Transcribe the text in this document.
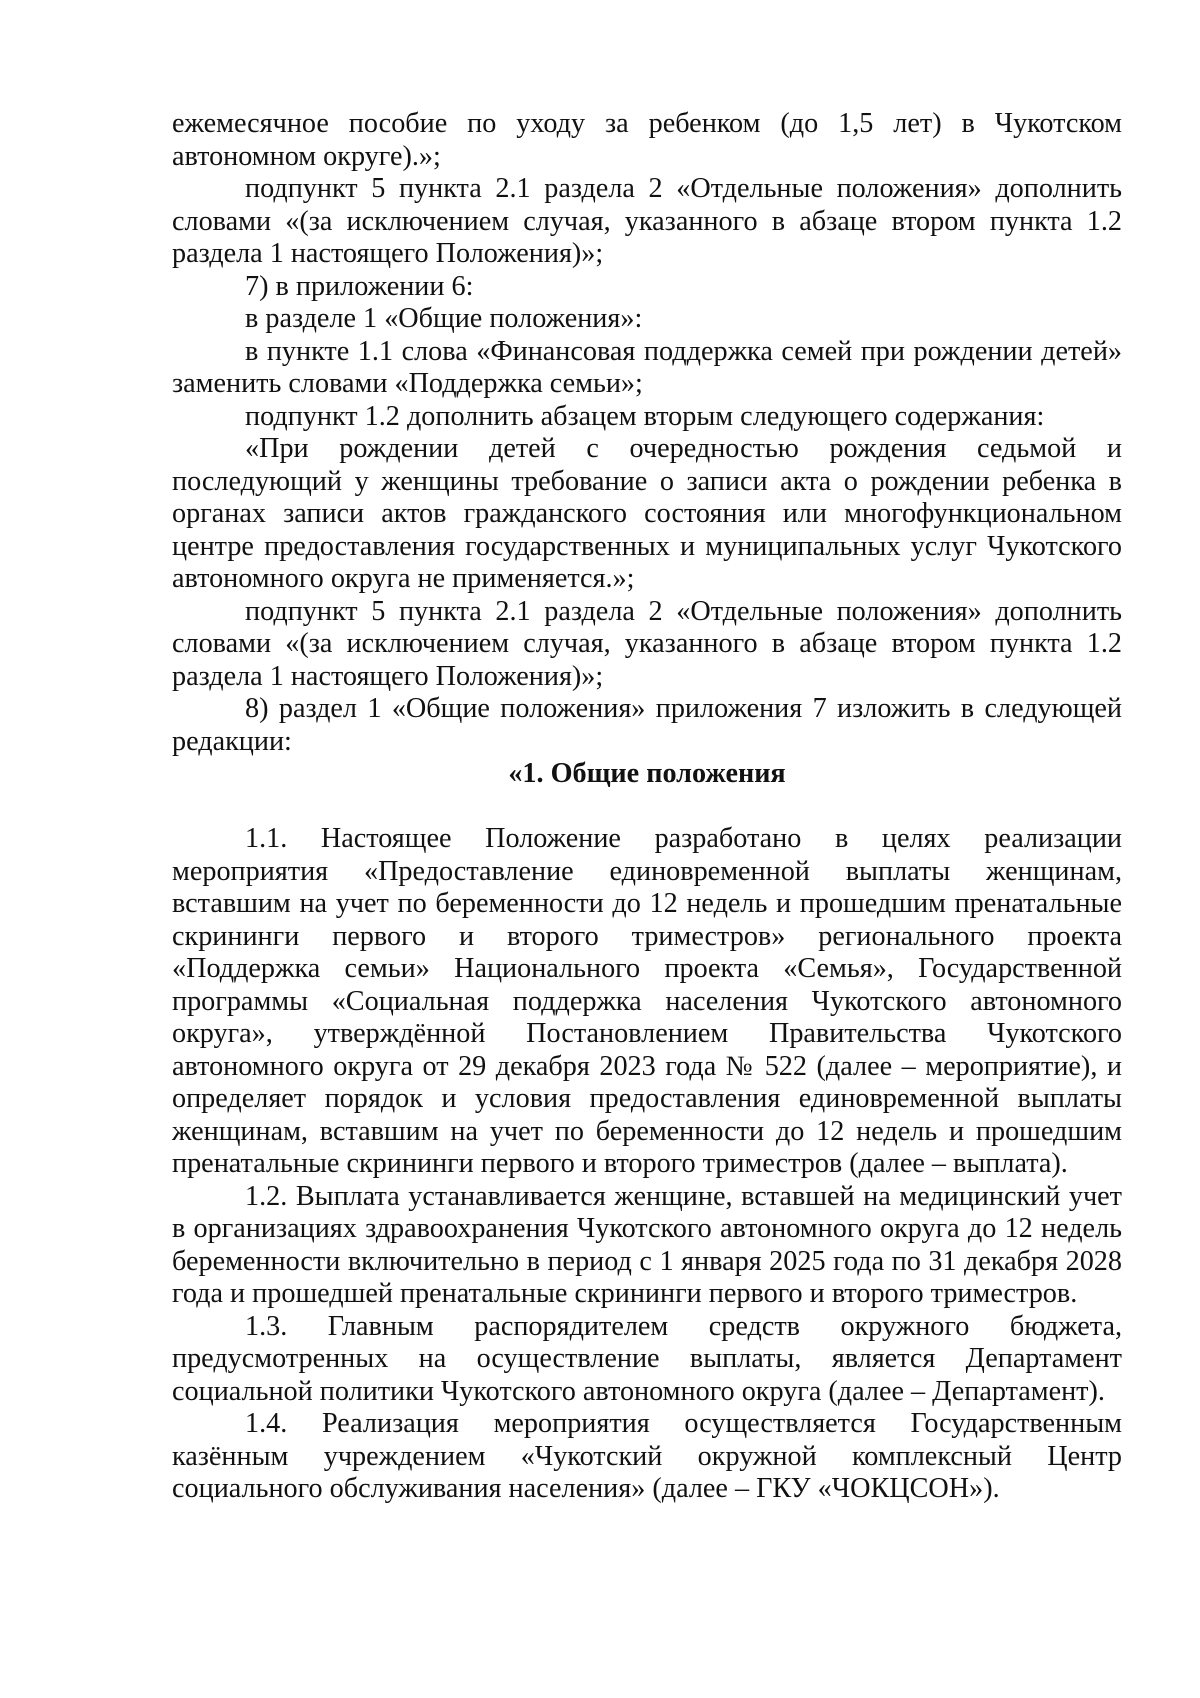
ежемесячное пособие по уходу за ребенком (до 1,5 лет) в Чукотском автономном округе).»;

подпункт 5 пункта 2.1 раздела 2 «Отдельные положения» дополнить словами «(за исключением случая, указанного в абзаце втором пункта 1.2 раздела 1 настоящего Положения)»;

7) в приложении 6:

в разделе 1 «Общие положения»:

в пункте 1.1 слова «Финансовая поддержка семей при рождении детей» заменить словами «Поддержка семьи»;

подпункт 1.2 дополнить абзацем вторым следующего содержания:

«При рождении детей с очередностью рождения седьмой и последующий у женщины требование о записи акта о рождении ребенка в органах записи актов гражданского состояния или многофункциональном центре предоставления государственных и муниципальных услуг Чукотского автономного округа не применяется.»;

подпункт 5 пункта 2.1 раздела 2 «Отдельные положения» дополнить словами «(за исключением случая, указанного в абзаце втором пункта 1.2 раздела 1 настоящего Положения)»;

8) раздел 1 «Общие положения» приложения 7 изложить в следующей редакции:

«1. Общие положения

1.1. Настоящее Положение разработано в целях реализации мероприятия «Предоставление единовременной выплаты женщинам, вставшим на учет по беременности до 12 недель и прошедшим пренатальные скрининги первого и второго триместров» регионального проекта «Поддержка семьи» Национального проекта «Семья», Государственной программы «Социальная поддержка населения Чукотского автономного округа», утверждённой Постановлением Правительства Чукотского автономного округа от 29 декабря 2023 года № 522 (далее – мероприятие), и определяет порядок и условия предоставления единовременной выплаты женщинам, вставшим на учет по беременности до 12 недель и прошедшим пренатальные скрининги первого и второго триместров (далее – выплата).

1.2. Выплата устанавливается женщине, вставшей на медицинский учет в организациях здравоохранения Чукотского автономного округа до 12 недель беременности включительно в период с 1 января 2025 года по 31 декабря 2028 года и прошедшей пренатальные скрининги первого и второго триместров.

1.3. Главным распорядителем средств окружного бюджета, предусмотренных на осуществление выплаты, является Департамент социальной политики Чукотского автономного округа (далее – Департамент).

1.4. Реализация мероприятия осуществляется Государственным казённым учреждением «Чукотский окружной комплексный Центр социального обслуживания населения» (далее – ГКУ «ЧОКЦСОН»).
